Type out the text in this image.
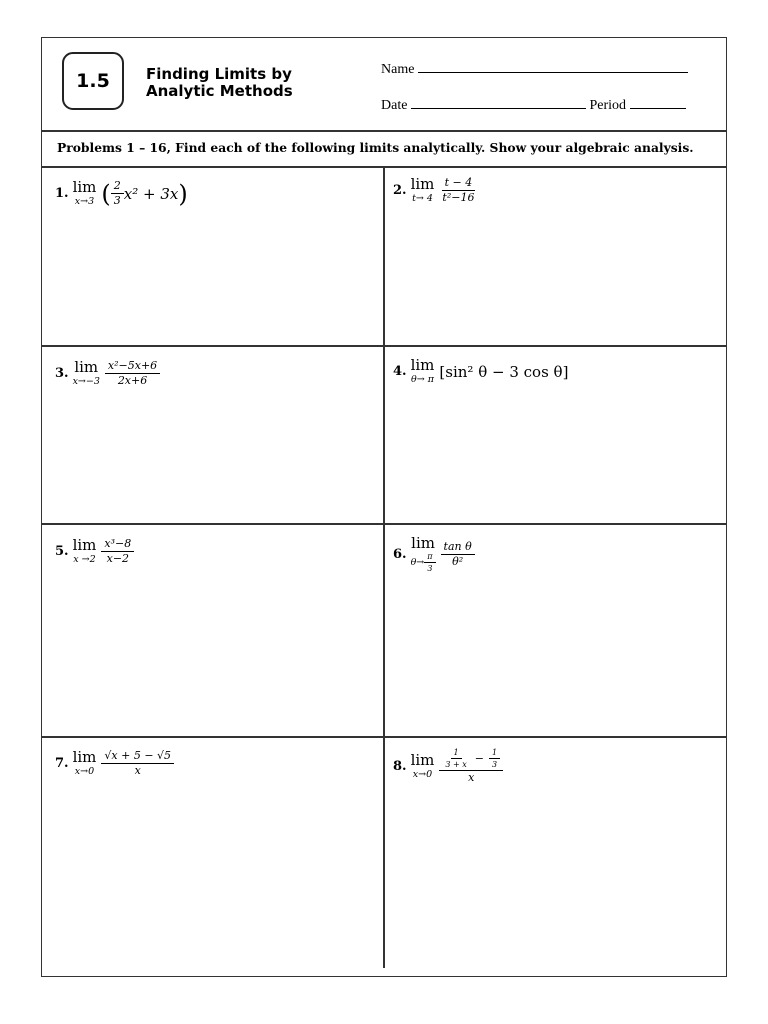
1.5	Finding Limits by
Analytic Methods
Name
Date	Period
Problems 1 – 16, Find each of the following limits analytically. Show your algebraic analysis.
1. lim
x→3 ( $\frac{2}{3} x^2 + 3x$ )	2. lim
$t\to 4 \frac{t - 4}{\text{t²−16}}$
3. lim
$x\to-3 \frac{\text{x²−5x+6}}{2x+6}$	4. lim
θ→ π [sin² θ − 3 cos θ]
5. lim
$x \to 2 \frac{\text{x³−8}}{x-2}$	6.
lim
$\theta\to \frac{\pi}{3} \frac{\text{tan θ}}{\text{θ²}}$
7. lim
$x\to 0 \frac{√x + 5 - √5}{x}$	8. lim
$x\to 0 \frac{\frac{1}{3 + x} - \frac{1}{3}}{x}$
